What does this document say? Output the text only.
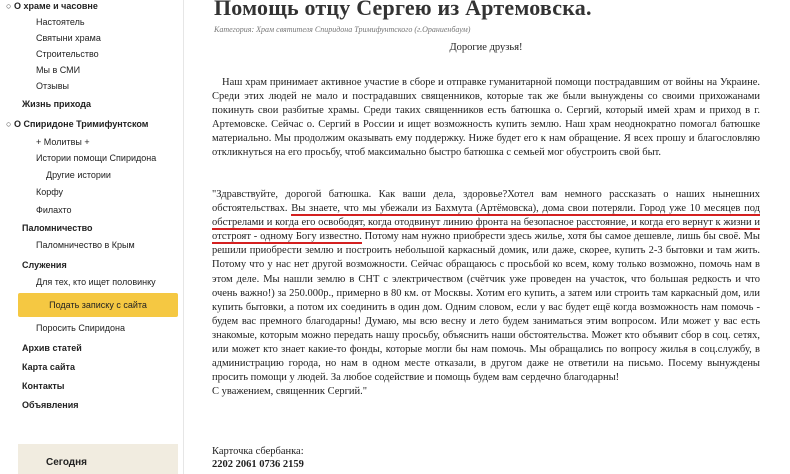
○ О храме и часовне
Настоятель
Святыни храма
Строительство
Мы в СМИ
Отзывы
Жизнь прихода
○ О Спиридоне Тримифунтском
+ Молитвы +
Истории помощи Спиридона
Другие истории
Корфу
Филахто
Паломничество
Паломничество в Крым
Служения
Для тех, кто ищет половинку
Подать записку с сайта
Поросить Спиридона
Архив статей
Карта сайта
Контакты
Объявления
Сегодня
Помощь отцу Сергею из Артемовска.
Категория: Храм святителя Спиридона Тримифунтского (г.Ораниенбаум)
Дорогие друзья!
Наш храм принимает активное участие в сборе и отправке гуманитарной помощи пострадавшим от войны на Украине. Среди этих людей не мало и пострадавших священников, которые так же были вынуждены со своими прихожанами покинуть свои разбитые храмы. Среди таких священников есть батюшка о. Сергий, который имей храм и приход в г. Артемовске. Сейчас о. Сергий в России и ищет возможность купить землю. Наш храм неоднократно помогал батюшке материально. Мы продолжим оказывать ему поддержку. Ниже будет его к нам обращение. Я всех прошу и благословляю откликнуться на его просьбу, чтоб максимально быстро батюшка с семьей мог обустроить свой быт.
"Здравствуйте, дорогой батюшка. Как ваши дела, здоровье?Хотел вам немного рассказать о наших нынешних обстоятельствах. Вы знаете, что мы убежали из Бахмута (Артёмовска), дома свои потеряли. Город уже 10 месяцев под обстрелами и когда его освободят, когда отодвинут линию фронта на безопасное расстояние, и когда его вернут к жизни и отстроят - одному Богу известно. Потому нам нужно приобрести здесь жилье, хотя бы самое дешевле, лишь бы своё. Мы решили приобрести землю и построить небольшой каркасный домик, или даже, скорее, купить 2-3 бытовки и там жить. Потому что у нас нет другой возможности. Сейчас обращаюсь с просьбой ко всем, кому только возможно, помочь нам в этом деле. Мы нашли землю в СНТ с электричеством (счётчик уже проведен на участок, что большая редкость и что очень важно!) за 250.000р., примерно в 80 км. от Москвы. Хотим его купить, а затем или строить там каркасный дом, или купить бытовки, а потом их соединить в один дом. Одним словом, если у вас будет ещё когда возможность нам помочь - будем вас премного благодарны! Думаю, мы всю весну и лето будем заниматься этим вопросом. Или может у вас есть знакомые, которым можно передать нашу просьбу, объяснить наши обстоятельства. Может кто объявит сбор в соц. сетях, или может кто знает какие-то фонды, которые могли бы нам помочь. Мы обращались по вопросу жилья в соц.службу, в администрацию города, но нам в одном месте отказали, в другом даже не ответили на письмо. Посему вынуждены просить помощи у людей. За любое содействие и помощь будем вам сердечно благодарны!
С уважением, священник Сергий."
Карточка сбербанка:
2202 2061 0736 2159
